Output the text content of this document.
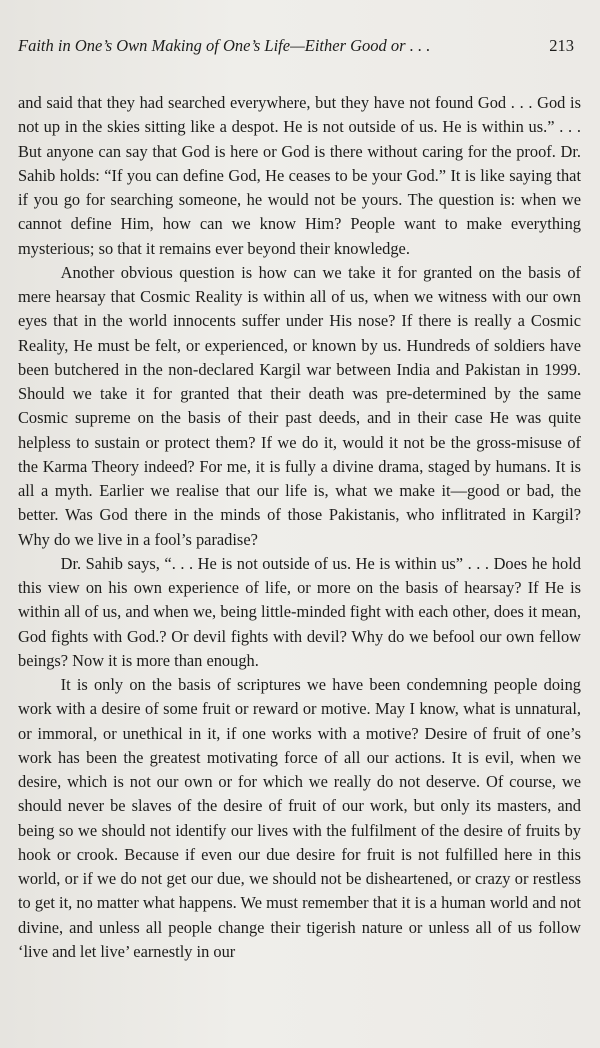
Faith in One’s Own Making of One’s Life—Either Good or . . .	213

and said that they had searched everywhere, but they have not found God . . . God is not up in the skies sitting like a despot. He is not outside of us. He is within us.” . . . But anyone can say that God is here or God is there without caring for the proof. Dr. Sahib holds: “If you can define God, He ceases to be your God.” It is like saying that if you go for searching someone, he would not be yours. The question is: when we cannot define Him, how can we know Him? People want to make everything mysterious; so that it remains ever beyond their knowledge.

Another obvious question is how can we take it for granted on the basis of mere hearsay that Cosmic Reality is within all of us, when we witness with our own eyes that in the world innocents suffer under His nose? If there is really a Cosmic Reality, He must be felt, or experienced, or known by us. Hundreds of soldiers have been butchered in the non-declared Kargil war between India and Pakistan in 1999. Should we take it for granted that their death was pre-determined by the same Cosmic supreme on the basis of their past deeds, and in their case He was quite helpless to sustain or protect them? If we do it, would it not be the gross-misuse of the Karma Theory indeed? For me, it is fully a divine drama, staged by humans. It is all a myth. Earlier we realise that our life is, what we make it—good or bad, the better. Was God there in the minds of those Pakistanis, who inflitrated in Kargil? Why do we live in a fool’s paradise?

Dr. Sahib says, “. . . He is not outside of us. He is within us” . . . Does he hold this view on his own experience of life, or more on the basis of hearsay? If He is within all of us, and when we, being little-minded fight with each other, does it mean, God fights with God.? Or devil fights with devil? Why do we befool our own fellow beings? Now it is more than enough.

It is only on the basis of scriptures we have been condemning people doing work with a desire of some fruit or reward or motive. May I know, what is unnatural, or immoral, or unethical in it, if one works with a motive? Desire of fruit of one’s work has been the greatest motivating force of all our actions. It is evil, when we desire, which is not our own or for which we really do not deserve. Of course, we should never be slaves of the desire of fruit of our work, but only its masters, and being so we should not identify our lives with the fulfilment of the desire of fruits by hook or crook. Because if even our due desire for fruit is not fulfilled here in this world, or if we do not get our due, we should not be disheartened, or crazy or restless to get it, no matter what happens. We must remember that it is a human world and not divine, and unless all people change their tigerish nature or unless all of us follow ‘live and let live’ earnestly in our
